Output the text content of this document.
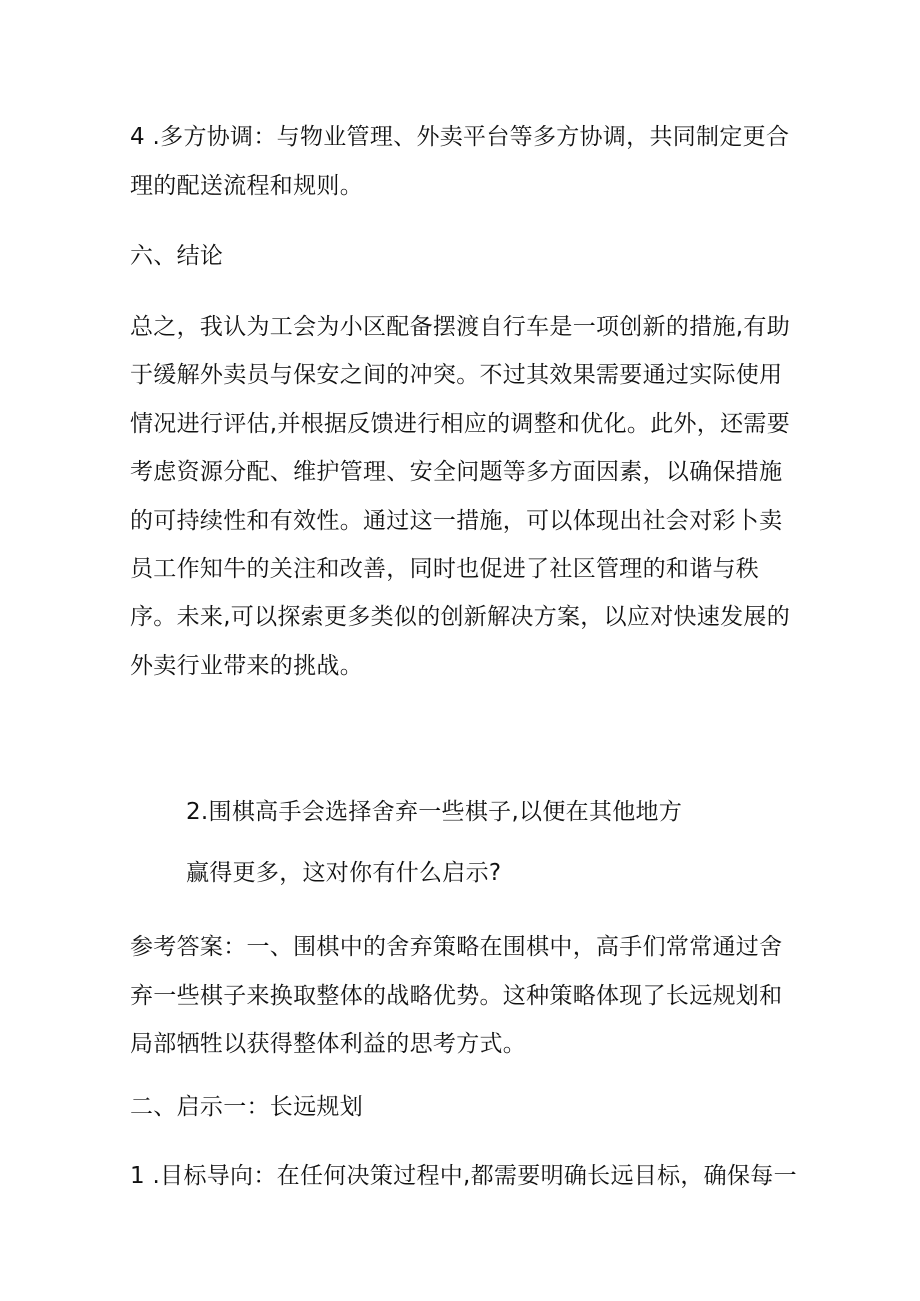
4 .多方协调：与物业管理、外卖平台等多方协调，共同制定更合
理的配送流程和规则。
六、结论
总之，我认为工会为小区配备摆渡自行车是一项创新的措施,有助
于缓解外卖员与保安之间的冲突。不过其效果需要通过实际使用
情况进行评估,并根据反馈进行相应的调整和优化。此外，还需要
考虑资源分配、维护管理、安全问题等多方面因素，以确保措施
的可持续性和有效性。通过这一措施，可以体现出社会对彩卜卖
员工作知牛的关注和改善，同时也促进了社区管理的和谐与秩
序。未来,可以探索更多类似的创新解决方案，以应对快速发展的
外卖行业带来的挑战。
2.围棋高手会选择舍弃一些棋子,以便在其他地方
赢得更多，这对你有什么启示?
参考答案：一、围棋中的舍弃策略在围棋中，高手们常常通过舍
弃一些棋子来换取整体的战略优势。这种策略体现了长远规划和
局部牺牲以获得整体利益的思考方式。
二、启示一：长远规划
1 .目标导向：在任何决策过程中,都需要明确长远目标，确保每一
